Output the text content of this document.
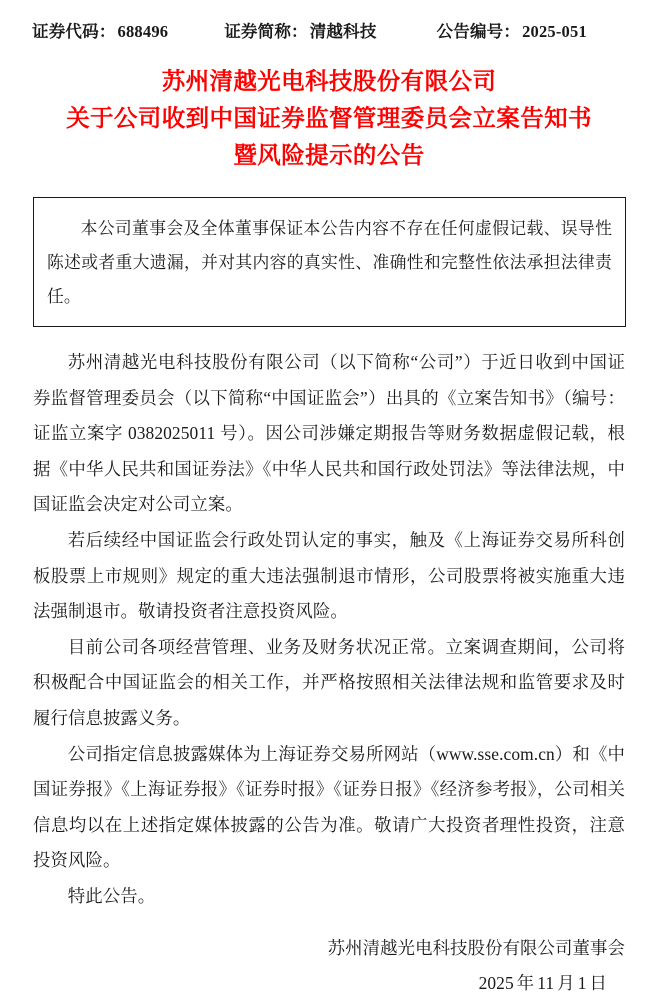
证券代码 ： 688496	证券简称 ： 清越科技	公告编号 ： 2025-051
苏州清越光电科技股份有限公司
关于公司收到中国证券监督管理委员会立案告知书
暨风险提示的公告

本公司董事会及全体董事保证本公告内容不存在任何虚假记载、误导性陈述或者重大遗漏，并对其内容的真实性、准确性和完整性依法承担法律责任。

苏州清越光电科技股份有限公司（以下简称“公司”）于近日收到中国证券监督管理委员会（以下简称“中国证监会”）出具的《立案告知书》（编号：证监立案字 0382025011 号）。因公司涉嫌定期报告等财务数据虚假记载，根据《中华人民共和国证券法》《中华人民共和国行政处罚法》等法律法规，中国证监会决定对公司立案。

若后续经中国证监会行政处罚认定的事实，触及《上海证券交易所科创板股票上市规则》规定的重大违法强制退市情形，公司股票将被实施重大违法强制退市。敬请投资者注意投资风险。

目前公司各项经营管理、业务及财务状况正常。立案调查期间，公司将积极配合中国证监会的相关工作，并严格按照相关法律法规和监管要求及时履行信息披露义务。

公司指定信息披露媒体为上海证券交易所网站（www.sse.com.cn）和《中国证券报》《上海证券报》《证券时报》《证券日报》《经济参考报》，公司相关信息均以在上述指定媒体披露的公告为准。敬请广大投资者理性投资，注意投资风险。

特此公告。

苏州清越光电科技股份有限公司董事会
2025 年 11 月 1 日
